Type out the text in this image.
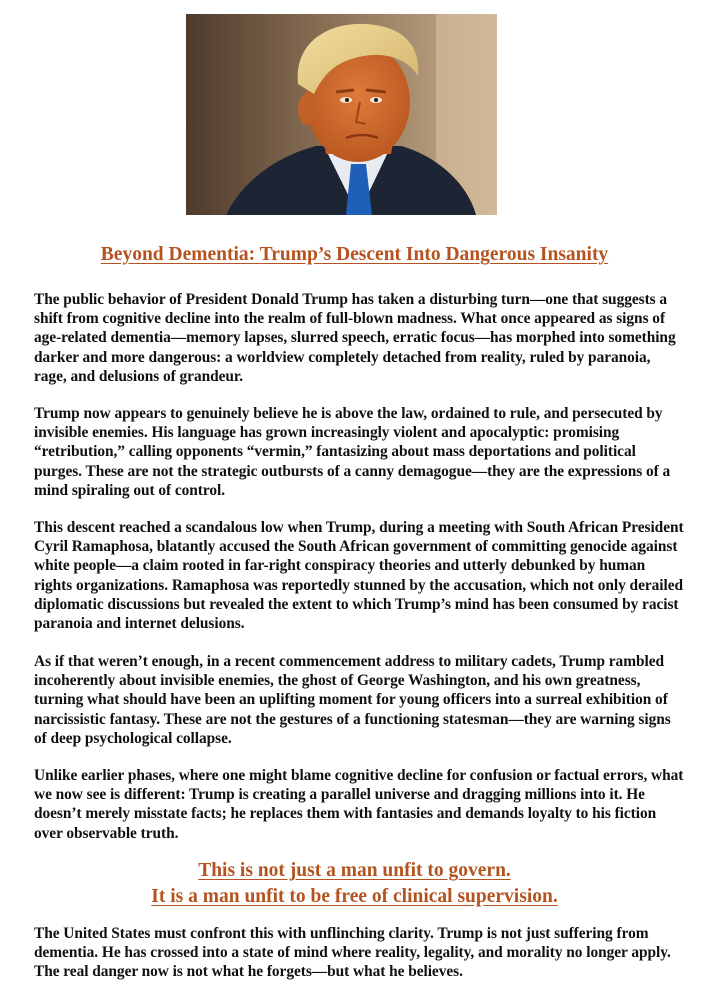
Beyond Dementia: Trump’s Descent Into Dangerous Insanity

The public behavior of President Donald Trump has taken a disturbing turn—one that suggests a shift from cognitive decline into the realm of full-blown madness. What once appeared as signs of age-related dementia—memory lapses, slurred speech, erratic focus—has morphed into something darker and more dangerous: a worldview completely detached from reality, ruled by paranoia, rage, and delusions of grandeur.

Trump now appears to genuinely believe he is above the law, ordained to rule, and persecuted by invisible enemies. His language has grown increasingly violent and apocalyptic: promising “retribution,” calling opponents “vermin,” fantasizing about mass deportations and political purges. These are not the strategic outbursts of a canny demagogue—they are the expressions of a mind spiraling out of control.

This descent reached a scandalous low when Trump, during a meeting with South African President Cyril Ramaphosa, blatantly accused the South African government of committing genocide against white people—a claim rooted in far-right conspiracy theories and utterly debunked by human rights organizations. Ramaphosa was reportedly stunned by the accusation, which not only derailed diplomatic discussions but revealed the extent to which Trump’s mind has been consumed by racist paranoia and internet delusions.

As if that weren’t enough, in a recent commencement address to military cadets, Trump rambled incoherently about invisible enemies, the ghost of George Washington, and his own greatness, turning what should have been an uplifting moment for young officers into a surreal exhibition of narcissistic fantasy. These are not the gestures of a functioning statesman—they are warning signs of deep psychological collapse.

Unlike earlier phases, where one might blame cognitive decline for confusion or factual errors, what we now see is different: Trump is creating a parallel universe and dragging millions into it. He doesn’t merely misstate facts; he replaces them with fantasies and demands loyalty to his fiction over observable truth.

This is not just a man unfit to govern.
It is a man unfit to be free of clinical supervision.

The United States must confront this with unflinching clarity. Trump is not just suffering from dementia. He has crossed into a state of mind where reality, legality, and morality no longer apply. The real danger now is not what he forgets—but what he believes.
